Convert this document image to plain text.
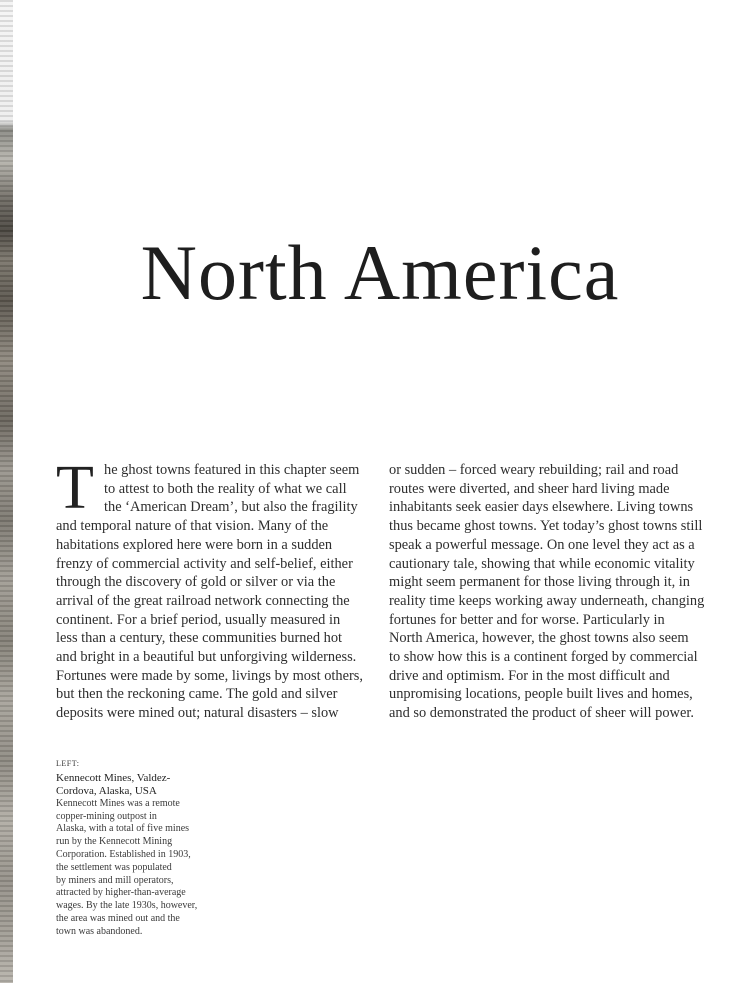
North America
T he ghost towns featured in this chapter seem
to attest to both the reality of what we call
the ‘American Dream’, but also the fragility
and temporal nature of that vision. Many of the
habitations explored here were born in a sudden
frenzy of commercial activity and self-belief, either
through the discovery of gold or silver or via the
arrival of the great railroad network connecting the
continent. For a brief period, usually measured in
less than a century, these communities burned hot
and bright in a beautiful but unforgiving wilderness.
Fortunes were made by some, livings by most others,
but then the reckoning came. The gold and silver
deposits were mined out; natural disasters – slow
or sudden – forced weary rebuilding; rail and road
routes were diverted, and sheer hard living made
inhabitants seek easier days elsewhere. Living towns
thus became ghost towns. Yet today’s ghost towns still
speak a powerful message. On one level they act as a
cautionary tale, showing that while economic vitality
might seem permanent for those living through it, in
reality time keeps working away underneath, changing
fortunes for better and for worse. Particularly in
North America, however, the ghost towns also seem
to show how this is a continent forged by commercial
drive and optimism. For in the most difficult and
unpromising locations, people built lives and homes,
and so demonstrated the product of sheer will power.
LEFT:
Kennecott Mines, Valdez-
Cordova, Alaska, USA
Kennecott Mines was a remote
copper-mining outpost in
Alaska, with a total of five mines
run by the Kennecott Mining
Corporation. Established in 1903,
the settlement was populated
by miners and mill operators,
attracted by higher-than-average
wages. By the late 1930s, however,
the area was mined out and the
town was abandoned.
